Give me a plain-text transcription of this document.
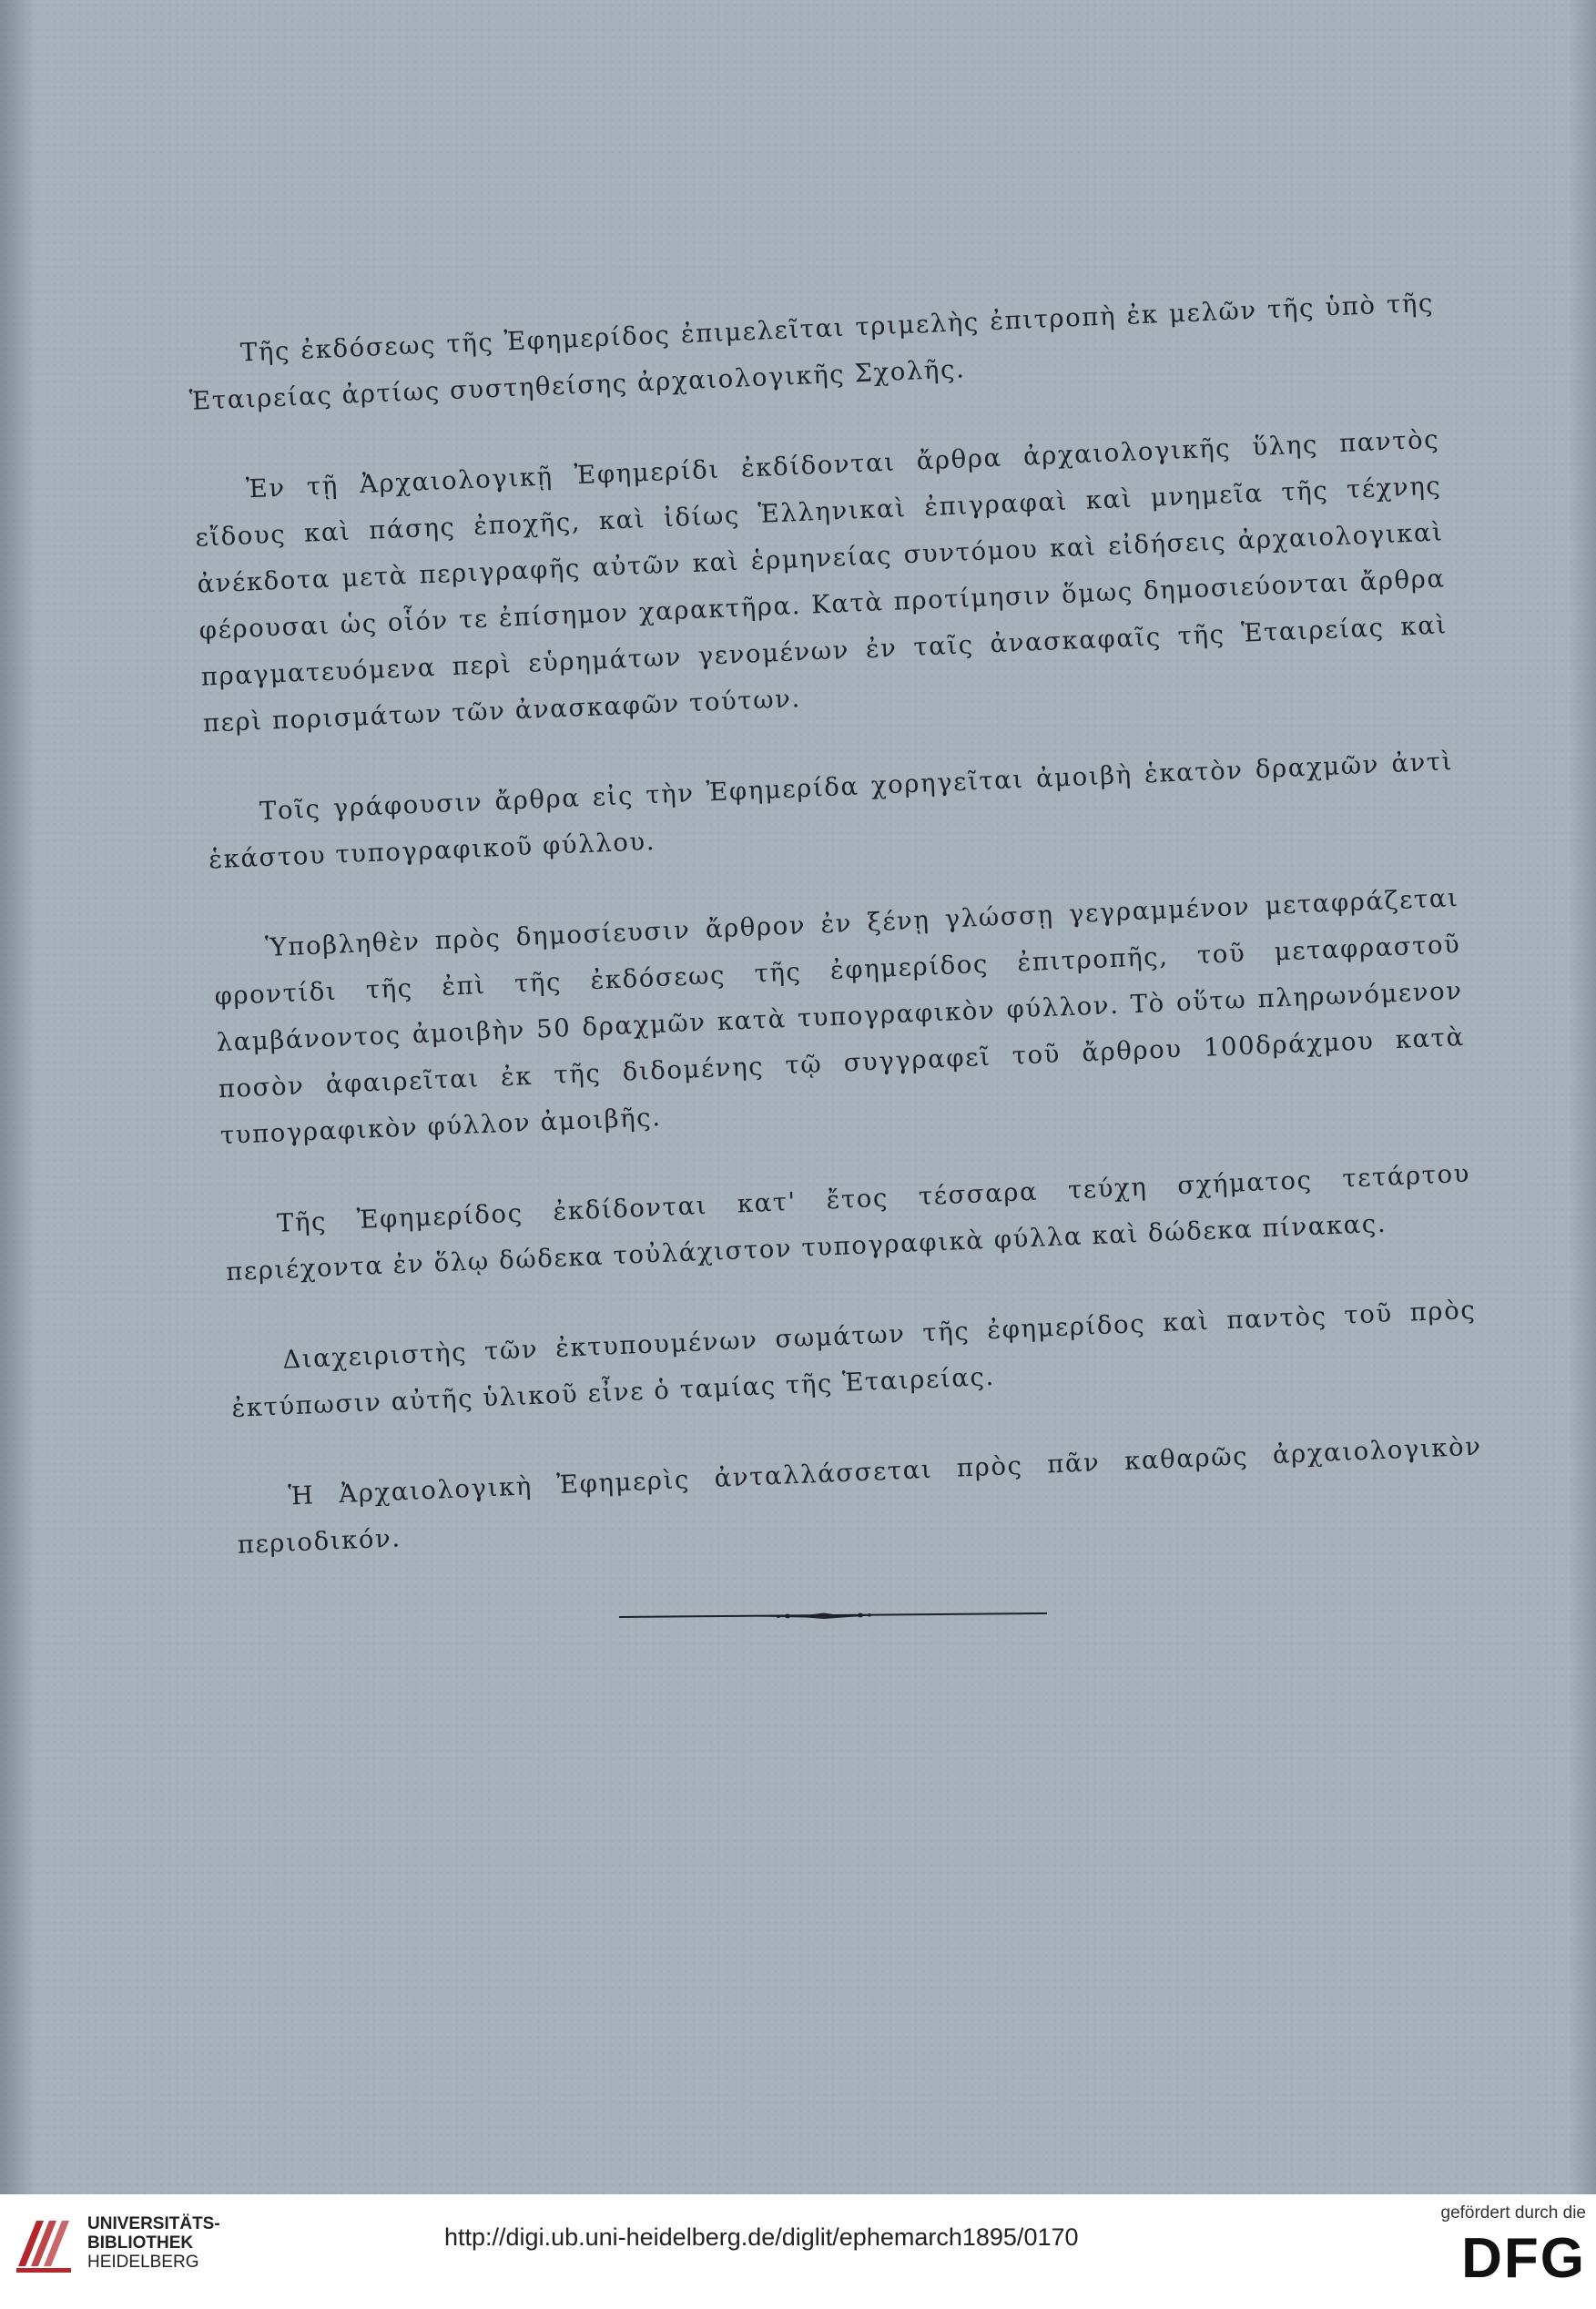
Τῆς ἐκδόσεως τῆς Ἐφημερίδος ἐπιμελεῖται τριμελὴς ἐπιτροπὴ ἐκ μελῶν τῆς ὑπὸ τῆς Ἑταιρείας ἀρτίως συστηθείσης ἀρχαιολογικῆς Σχολῆς.

Ἐν τῇ Ἀρχαιολογικῇ Ἐφημερίδι ἐκδίδονται ἄρθρα ἀρχαιολογικῆς ὕλης παντὸς εἴδους καὶ πάσης ἐποχῆς, καὶ ἰδίως Ἑλληνικαὶ ἐπιγραφαὶ καὶ μνημεῖα τῆς τέχνης ἀνέκδοτα μετὰ περιγραφῆς αὐτῶν καὶ ἑρμηνείας συντόμου καὶ εἰδήσεις ἀρχαιολογικαὶ φέρουσαι ὡς οἷόν τε ἐπίσημον χαρακτῆρα. Κατὰ προτίμησιν ὅμως δημοσιεύονται ἄρθρα πραγματευόμενα περὶ εὑρημάτων γενομένων ἐν ταῖς ἀνασκαφαῖς τῆς Ἑταιρείας καὶ περὶ πορισμάτων τῶν ἀνασκαφῶν τούτων.

Τοῖς γράφουσιν ἄρθρα εἰς τὴν Ἐφημερίδα χορηγεῖται ἀμοιβὴ ἑκατὸν δραχμῶν ἀντὶ ἑκάστου τυπογραφικοῦ φύλλου.

Ὑποβληθὲν πρὸς δημοσίευσιν ἄρθρον ἐν ξένῃ γλώσσῃ γεγραμμένον μεταφράζεται φροντίδι τῆς ἐπὶ τῆς ἐκδόσεως τῆς ἐφημερίδος ἐπιτροπῆς, τοῦ μεταφραστοῦ λαμβάνοντος ἀμοιβὴν 50 δραχμῶν κατὰ τυπογραφικὸν φύλλον. Τὸ οὕτω πληρωνόμενον ποσὸν ἀφαιρεῖται ἐκ τῆς διδομένης τῷ συγγραφεῖ τοῦ ἄρθρου 100δράχμου κατὰ τυπογραφικὸν φύλλον ἀμοιβῆς.

Τῆς Ἐφημερίδος ἐκδίδονται κατ' ἔτος τέσσαρα τεύχη σχήματος τετάρτου περιέχοντα ἐν ὅλῳ δώδεκα τοὐλάχιστον τυπογραφικὰ φύλλα καὶ δώδεκα πίνακας.

Διαχειριστὴς τῶν ἐκτυπουμένων σωμάτων τῆς ἐφημερίδος καὶ παντὸς τοῦ πρὸς ἐκτύπωσιν αὐτῆς ὑλικοῦ εἶνε ὁ ταμίας τῆς Ἑταιρείας.

Ἡ Ἀρχαιολογικὴ Ἐφημερὶς ἀνταλλάσσεται πρὸς πᾶν καθαρῶς ἀρχαιολογικὸν περιοδικόν.

UNIVERSITÄTS-
BIBLIOTHEK
HEIDELBERG
http://digi.ub.uni-heidelberg.de/diglit/ephemarch1895/0170
gefördert durch die
DFG
